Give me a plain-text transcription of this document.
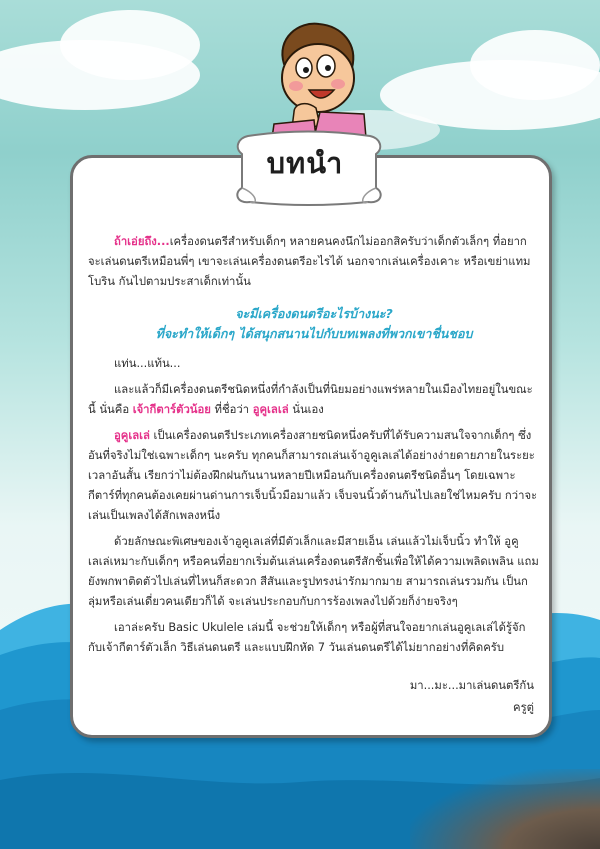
บทนำ

ถ้าเอ่ยถึง...เครื่องดนตรีสำหรับเด็กๆ หลายคนคงนึกไม่ออกสิครับว่าเด็กตัวเล็กๆ ที่อยาก จะเล่นดนตรีเหมือนพี่ๆ เขาจะเล่นเครื่องดนตรีอะไรได้ นอกจากเล่นเครื่องเคาะ หรือเขย่าแทมโบริน กันไปตามประสาเด็กเท่านั้น

จะมีเครื่องดนตรีอะไรบ้างนะ?
ที่จะทำให้เด็กๆ ได้สนุกสนานไปกับบทเพลงที่พวกเขาชื่นชอบ

แท่น...แท้น...

และแล้วก็มีเครื่องดนตรีชนิดหนึ่งที่กำลังเป็นที่นิยมอย่างแพร่หลายในเมืองไทยอยู่ในขณะนี้ นั่นคือ เจ้ากีตาร์ตัวน้อย ที่ชื่อว่า อูคูเลเล่ นั่นเอง

อูคูเลเล่ เป็นเครื่องดนตรีประเภทเครื่องสายชนิดหนึ่งครับที่ได้รับความสนใจจากเด็กๆ ซึ่ง อันที่จริงไม่ใช่เฉพาะเด็กๆ นะครับ ทุกคนก็สามารถเล่นเจ้าอูคูเลเล่ได้อย่างง่ายดายภายในระยะ เวลาอันสั้น เรียกว่าไม่ต้องฝึกฝนกันนานหลายปีเหมือนกับเครื่องดนตรีชนิดอื่นๆ โดยเฉพาะ กีตาร์ที่ทุกคนต้องเคยผ่านด่านการเจ็บนิ้วมือมาแล้ว เจ็บจนนิ้วด้านกันไปเลยใช่ไหมครับ กว่าจะเล่นเป็นเพลงได้สักเพลงหนึ่ง

ด้วยลักษณะพิเศษของเจ้าอูคูเลเล่ที่มีตัวเล็กและมีสายเอ็น เล่นแล้วไม่เจ็บนิ้ว ทำให้ อูคูเลเล่เหมาะกับเด็กๆ หรือคนที่อยากเริ่มต้นเล่นเครื่องดนตรีสักชิ้นเพื่อให้ได้ความเพลิดเพลิน แถมยังพกพาติดตัวไปเล่นที่ไหนก็สะดวก สีสันและรูปทรงน่ารักมากมาย สามารถเล่นรวมกัน เป็นกลุ่มหรือเล่นเดี่ยวคนเดียวก็ได้ จะเล่นประกอบกับการร้องเพลงไปด้วยก็ง่ายจริงๆ

เอาล่ะครับ Basic Ukulele เล่มนี้ จะช่วยให้เด็กๆ หรือผู้ที่สนใจอยากเล่นอูคูเลเล่ได้รู้จัก กับเจ้ากีตาร์ตัวเล็ก วิธีเล่นดนตรี และแบบฝึกหัด 7 วันเล่นดนตรีได้ไม่ยากอย่างที่คิดครับ

มา...มะ...มาเล่นดนตรีกัน
ครูตู่
